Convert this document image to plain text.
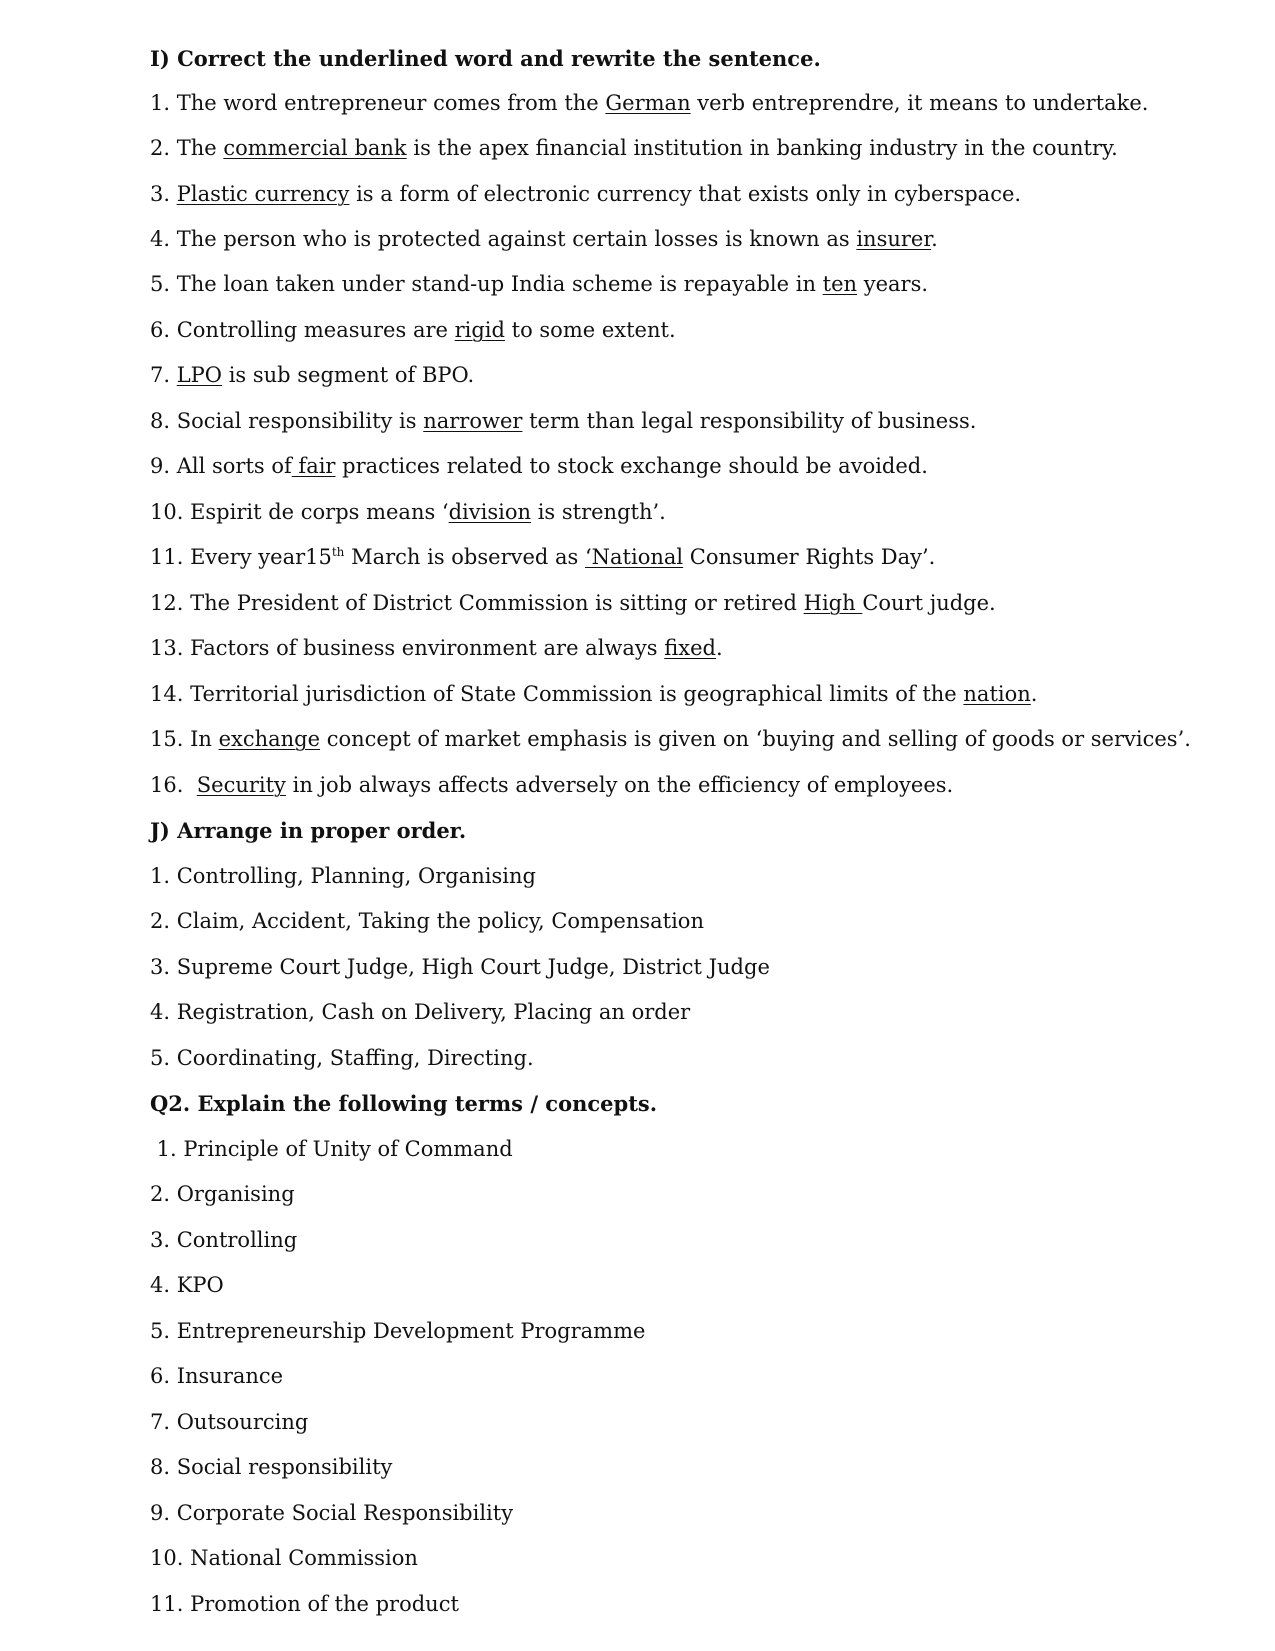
I) Correct the underlined word and rewrite the sentence.
1. The word entrepreneur comes from the German verb entreprendre, it means to undertake.
2. The commercial bank is the apex financial institution in banking industry in the country.
3. Plastic currency is a form of electronic currency that exists only in cyberspace.
4. The person who is protected against certain losses is known as insurer.
5. The loan taken under stand-up India scheme is repayable in ten years.
6. Controlling measures are rigid to some extent.
7. LPO is sub segment of BPO.
8. Social responsibility is narrower term than legal responsibility of business.
9. All sorts of fair practices related to stock exchange should be avoided.
10. Espirit de corps means ‘division is strength’.
11. Every year15th March is observed as ‘National Consumer Rights Day’.
12. The President of District Commission is sitting or retired High Court judge.
13. Factors of business environment are always fixed.
14. Territorial jurisdiction of State Commission is geographical limits of the nation.
15. In exchange concept of market emphasis is given on ‘buying and selling of goods or services’.
16.  Security in job always affects adversely on the efficiency of employees.
J) Arrange in proper order.
1. Controlling, Planning, Organising
2. Claim, Accident, Taking the policy, Compensation
3. Supreme Court Judge, High Court Judge, District Judge
4. Registration, Cash on Delivery, Placing an order
5. Coordinating, Staffing, Directing.
Q2. Explain the following terms / concepts.
1. Principle of Unity of Command
2. Organising
3. Controlling
4. KPO
5. Entrepreneurship Development Programme
6. Insurance
7. Outsourcing
8. Social responsibility
9. Corporate Social Responsibility
10. National Commission
11. Promotion of the product
